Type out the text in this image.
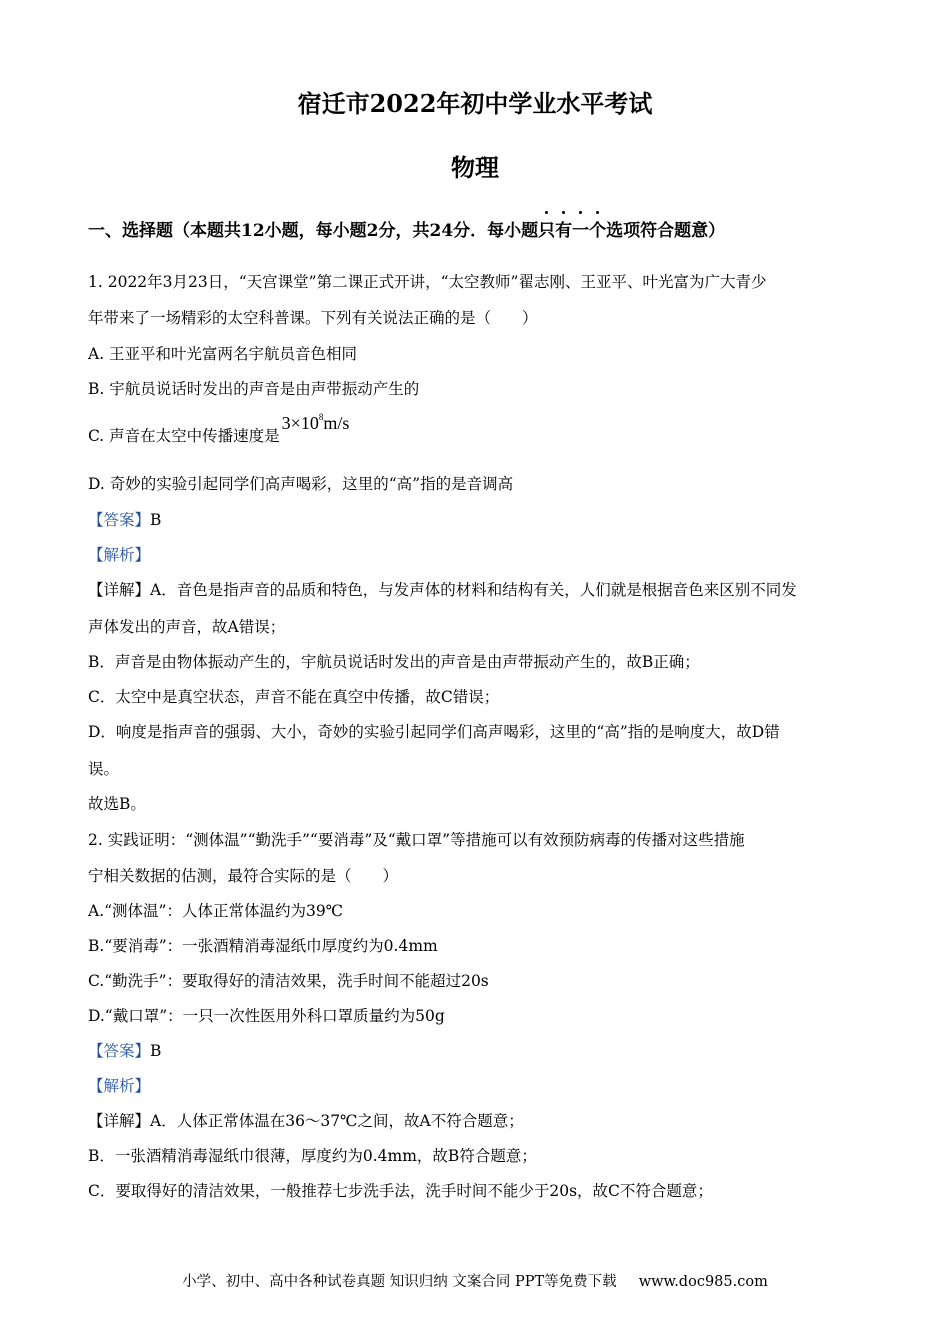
宿迁市2022年初中学业水平考试
物理
一、选择题（本题共12小题，每小题2分，共24分．每小题只有一个选项符合题意）
1. 2022年3月23日，“天宫课堂”第二课正式开讲，“太空教师”翟志刚、王亚平、叶光富为广大青少
年带来了一场精彩的太空科普课。下列有关说法正确的是（　　）
A. 王亚平和叶光富两名宇航员音色相同
B. 宇航员说话时发出的声音是由声带振动产生的
C. 声音在太空中传播速度是$3\times 10^8m/s$
D. 奇妙的实验引起同学们高声喝彩，这里的“高”指的是音调高
【答案】B
【解析】
【详解】A．音色是指声音的品质和特色，与发声体的材料和结构有关，人们就是根据音色来区别不同发
声体发出的声音，故A错误；
B．声音是由物体振动产生的，宇航员说话时发出的声音是由声带振动产生的，故B正确；
C．太空中是真空状态，声音不能在真空中传播，故C错误；
D．响度是指声音的强弱、大小，奇妙的实验引起同学们高声喝彩，这里的“高”指的是响度大，故D错
误。
故选B。
2. 实践证明：“测体温”“勤洗手”“要消毒”及“戴口罩”等措施可以有效预防病毒的传播对这些措施
宁相关数据的估测，最符合实际的是（　　）
A.“测体温”：人体正常体温约为39℃
B.“要消毒”：一张酒精消毒湿纸巾厚度约为0.4mm
C.“勤洗手”：要取得好的清洁效果，洗手时间不能超过20s
D.“戴口罩”：一只一次性医用外科口罩质量约为50g
【答案】B
【解析】
【详解】A．人体正常体温在36～37℃之间，故A不符合题意；
B．一张酒精消毒湿纸巾很薄，厚度约为0.4mm，故B符合题意；
C．要取得好的清洁效果，一般推荐七步洗手法，洗手时间不能少于20s，故C不符合题意；
小学、初中、高中各种试卷真题 知识归纳 文案合同 PPT等免费下载 www.doc985.com
